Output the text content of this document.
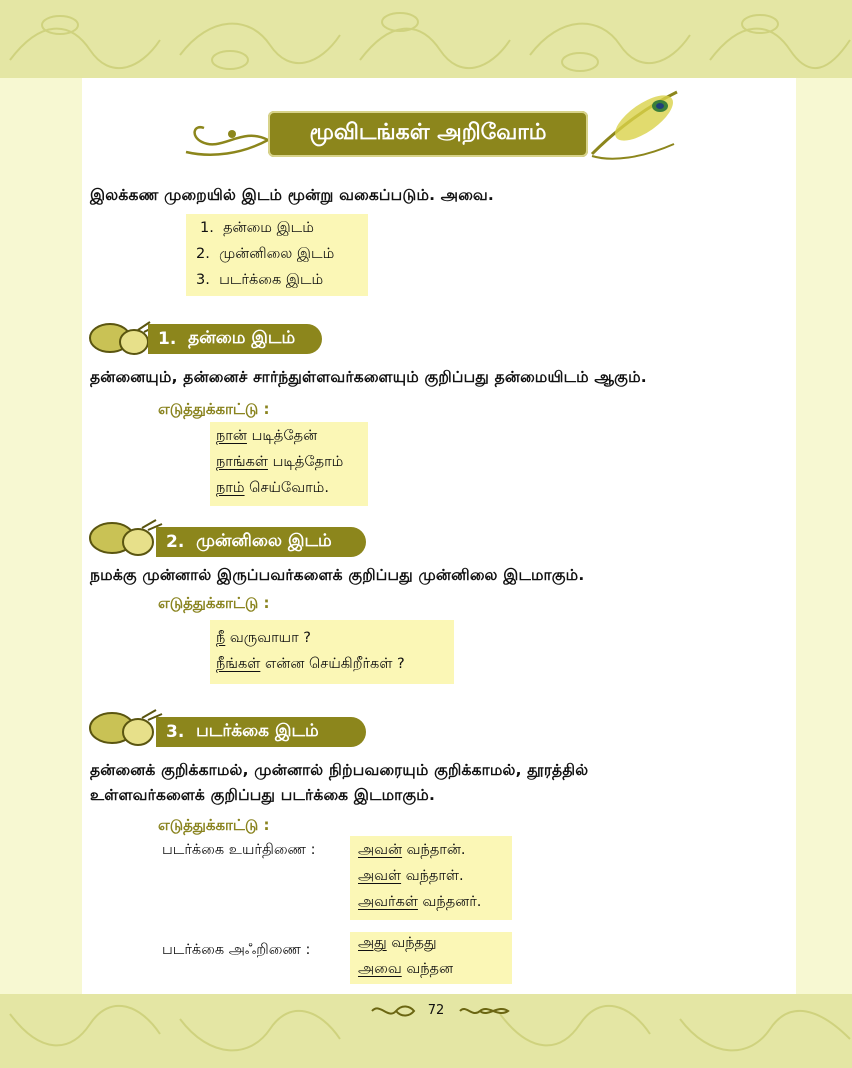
மூவிடங்கள் அறிவோம்
இலக்கண முறையில் இடம் மூன்று வகைப்படும். அவை.
1. தன்மை இடம்
2. முன்னிலை இடம்
3. படர்க்கை இடம்
1.
தன்மை இடம்
தன்னையும், தன்னைச் சார்ந்துள்ளவர்களையும் குறிப்பது தன்மையிடம் ஆகும்.
எடுத்துக்காட்டு :
நான் படித்தேன்
நாங்கள் படித்தோம்
நாம் செய்வோம்.
2.
முன்னிலை இடம்
நமக்கு முன்னால் இருப்பவர்களைக் குறிப்பது முன்னிலை இடமாகும்.
எடுத்துக்காட்டு :
நீ வருவாயா ?
நீங்கள் என்ன செய்கிறீர்கள் ?
3.
படர்க்கை இடம்
தன்னைக் குறிக்காமல், முன்னால் நிற்பவரையும் குறிக்காமல், தூரத்தில்
உள்ளவர்களைக் குறிப்பது படர்க்கை இடமாகும்.
எடுத்துக்காட்டு :
படர்க்கை உயர்திணை :	அவன் வந்தான்.
அவள் வந்தாள்.
அவர்கள் வந்தனர்.
படர்க்கை அஃறிணை :	அது வந்தது
அவை வந்தன
72
